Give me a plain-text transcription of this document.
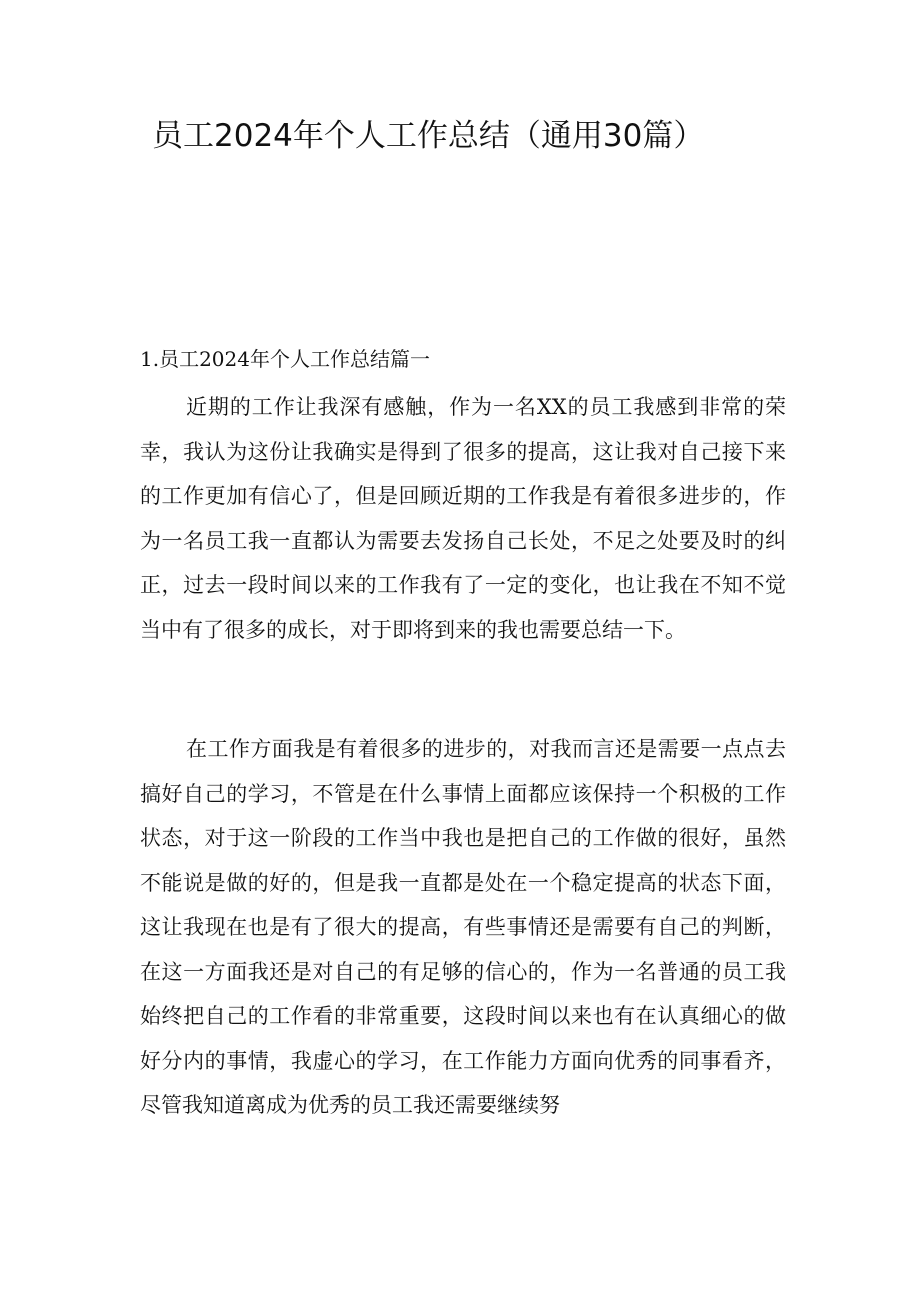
员工2024年个人工作总结（通用30篇）
1.员工2024年个人工作总结篇一

近期的工作让我深有感触，作为一名XX的员工我感到非常的荣幸，我认为这份让我确实是得到了很多的提高，这让我对自己接下来的工作更加有信心了，但是回顾近期的工作我是有着很多进步的，作为一名员工我一直都认为需要去发扬自己长处，不足之处要及时的纠正，过去一段时间以来的工作我有了一定的变化，也让我在不知不觉当中有了很多的成长，对于即将到来的我也需要总结一下。

在工作方面我是有着很多的进步的，对我而言还是需要一点点去搞好自己的学习，不管是在什么事情上面都应该保持一个积极的工作状态，对于这一阶段的工作当中我也是把自己的工作做的很好，虽然不能说是做的好的，但是我一直都是处在一个稳定提高的状态下面，这让我现在也是有了很大的提高，有些事情还是需要有自己的判断，在这一方面我还是对自己的有足够的信心的，作为一名普通的员工我始终把自己的工作看的非常重要，这段时间以来也有在认真细心的做好分内的事情，我虚心的学习，在工作能力方面向优秀的同事看齐，尽管我知道离成为优秀的员工我还需要继续努
